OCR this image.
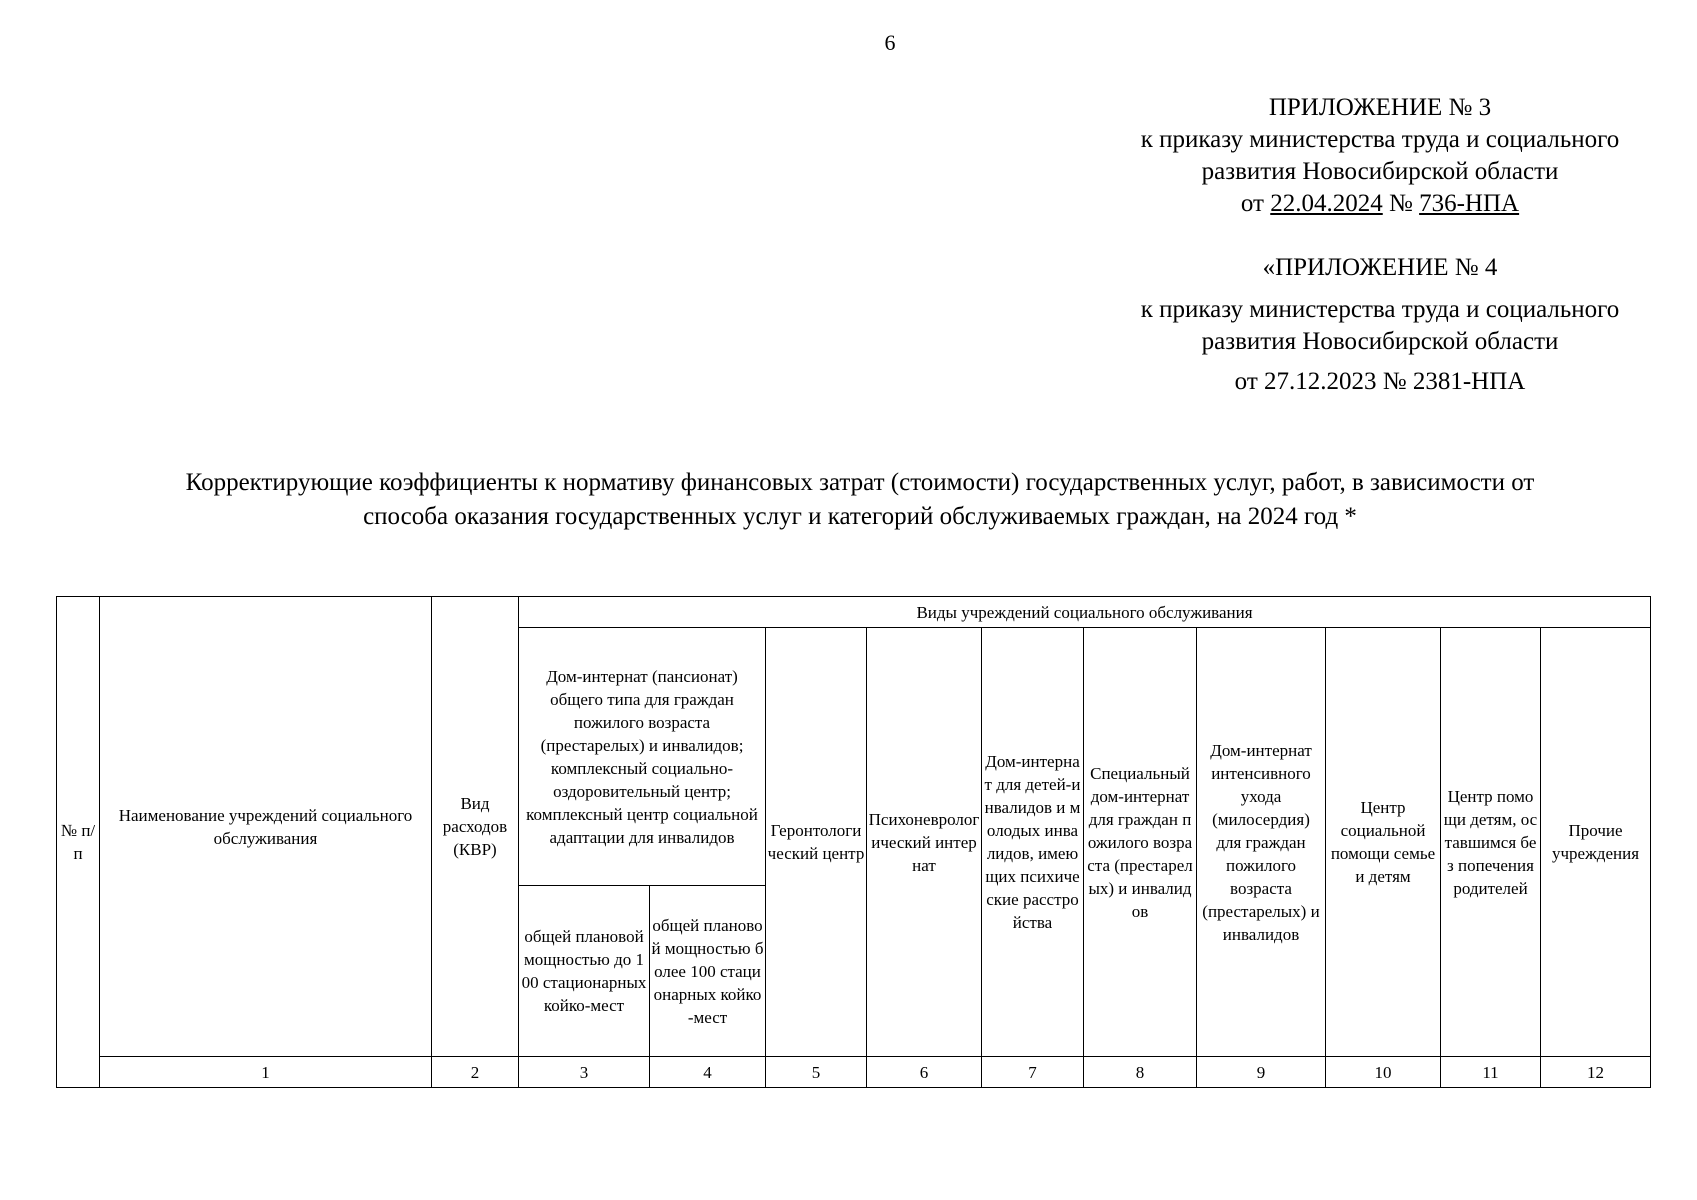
6
ПРИЛОЖЕНИЕ № 3
к приказу министерства труда и социального
развития Новосибирской области
от 22.04.2024 № 736-НПА
«ПРИЛОЖЕНИЕ № 4
к приказу министерства труда и социального
развития Новосибирской области
от 27.12.2023 № 2381-НПА
Корректирующие коэффициенты к нормативу финансовых затрат (стоимости) государственных услуг, работ, в зависимости от
способа оказания государственных услуг и категорий обслуживаемых граждан, на 2024 год *
№ п/п	Наименование учреждений социального обслуживания	Вид расходов (КВР)	Виды учреждений социального обслуживания									
			Дом-интернат (пансионат) общего типа для граждан пожилого возраста (престарелых) и инвалидов; комплексный социально-оздоровительный центр; комплексный центр социальной адаптации для инвалидов		Геронтологический центр	Психоневрологический интернат	Дом-интернат для детей-инвалидов и молодых инвалидов, имеющих психические расстройства	Специальный дом-интернат для граждан пожилого возраста (престарелых) и инвалидов	Дом-интернат интенсивного ухода (милосердия) для граждан пожилого возраста (престарелых) и инвалидов	Центр социальной помощи семье и детям	Центр помощи детям, оставшимся без попечения родителей	Прочие учреждения
			общей плановой мощностью до 100 стационарных койко-мест	общей плановой мощностью более 100 стационарных койко-мест								
	1	2	3	4	5	6	7	8	9	10	11	12
